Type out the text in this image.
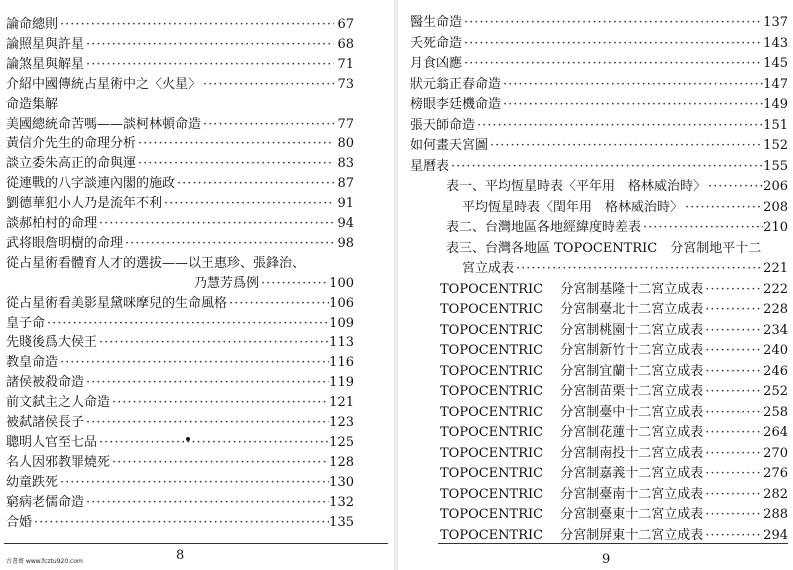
論命總則 ·····	67
論照星與許星 ·····	68
論煞星與解星 ·····	71
介紹中國傳統占星術中之〈火星〉 ·····	73
命造集解
美國總統命苦嗎——談柯林頓命造 ·····	77
黃信介先生的命理分析 ·····	80
談立委朱高正的命與運 ·····	83
從連戰的八字談連內閣的施政 ·····	87
劉德華犯小人乃是流年不利 ·····	91
談郝柏村的命理 ·····	94
武将眼詹明樹的命理 ·····	98
從占星術看體育人才的選拔——以王惠珍、張鋒治、
乃慧芳爲例 ·····	100
從占星術看美影星黛咪摩兒的生命風格 ·····	106
皇子命 ·····	109
先賤後爲大侯王 ·····	113
教皇命造 ·····	116
諸侯被殺命造 ·····	119
前文弑主之人命造 ·····	121
被弑諸侯長子 ·····	123
聰明人官至七品 ·····	125
名人因邪教罪燒死 ·····	128
幼童跌死 ·····	130
窮病老儒命造 ·····	132
合婚 ·····	135
8
古書齋 www.fcztu920.com
醫生命造 ·····	137
夭死命造 ·····	143
月食凶應 ·····	145
狀元翁正春命造 ·····	147
榜眼李廷機命造 ·····	149
張天師命造 ·····	151
如何畫天宮圖 ·····	152
星曆表 ·····	155
表一、平均恆星時表〈平年用　格林威治時〉 ·····	206
平均恆星時表〈閏年用　格林威治時〉 ·····	208
表二、台灣地區各地經緯度時差表 ·····	210
表三、台灣各地區 TOPOCENTRIC　分宮制地平十二
宮立成表 ·····	221
TOPOCENTRIC　 分宮制基隆十二宮立成表 ·····	222
TOPOCENTRIC　 分宮制臺北十二宮立成表 ·····	228
TOPOCENTRIC　 分宮制桃園十二宮立成表 ·····	234
TOPOCENTRIC　 分宮制新竹十二宮立成表 ·····	240
TOPOCENTRIC　 分宮制宜蘭十二宮立成表 ·····	246
TOPOCENTRIC　 分宮制苗栗十二宮立成表 ·····	252
TOPOCENTRIC　 分宮制臺中十二宮立成表 ·····	258
TOPOCENTRIC　 分宮制花蓮十二宮立成表 ·····	264
TOPOCENTRIC　 分宮制南投十二宮立成表 ·····	270
TOPOCENTRIC　 分宮制嘉義十二宮立成表 ·····	276
TOPOCENTRIC　 分宮制臺南十二宮立成表 ·····	282
TOPOCENTRIC　 分宮制臺東十二宮立成表 ·····	288
TOPOCENTRIC　 分宮制屏東十二宮立成表 ·····	294
9
